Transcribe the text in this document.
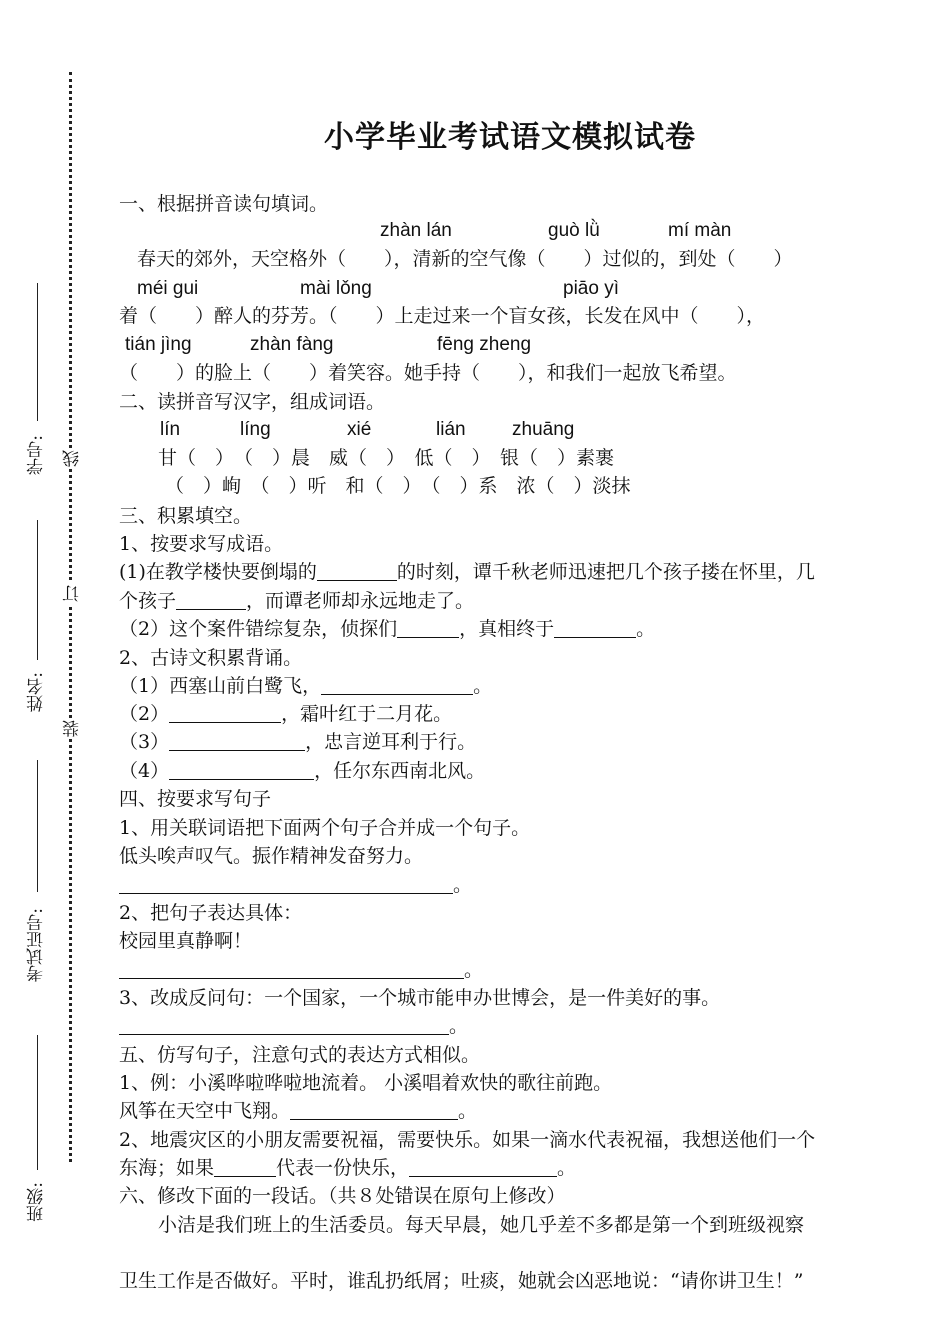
学号: 线
订
姓名:
装
考试证号:
班级:
小学毕业考试语文模拟试卷
一、根据拼音读句填词。
zhàn lán	guò lǜ	mí màn
春天的郊外，天空格外（　　），清新的空气像（　　）过似的，到处（　　）
méi gui	mài lǒng	piāo yì
着（　　）醉人的芬芳。（　　）上走过来一个盲女孩，长发在风中（　　），
tián jìng	zhàn fàng	fēng zheng
（　　）的脸上（　　）着笑容。她手持（　　），和我们一起放飞希望。
二、读拼音写汉字，组成词语。
lín	líng	xié	lián zhuāng
甘（　）　（　）晨　威（　）　低（　）　银（　）素裹
（　）峋　（　）听　和（　）　（　）系　浓（　）淡抹
三、积累填空。
1、按要求写成语。
(1)在教学楼快要倒塌的	的时刻，谭千秋老师迅速把几个孩子搂在怀里，几
个孩子	，而谭老师却永远地走了。
（2）这个案件错综复杂，侦探们	，真相终于	。
2、古诗文积累背诵。
（1）西塞山前白鹭飞，	。
（2）	，霜叶红于二月花。
（3）	，忠言逆耳利于行。
（4）	，任尔东西南北风。
四、按要求写句子
1、用关联词语把下面两个句子合并成一个句子。
低头唉声叹气。振作精神发奋努力。
。
2、把句子表达具体：
校园里真静啊！
。
3、改成反问句：一个国家，一个城市能申办世博会，是一件美好的事。
。
五、仿写句子，注意句式的表达方式相似。
1、例：小溪哗啦哗啦地流着。 小溪唱着欢快的歌往前跑。
风筝在天空中飞翔。	。
2、地震灾区的小朋友需要祝福，需要快乐。如果一滴水代表祝福，我想送他们一个
东海；如果	代表一份快乐，	。
六、修改下面的一段话。（共８处错误在原句上修改）
小洁是我们班上的生活委员。每天早晨，她几乎差不多都是第一个到班级视察
卫生工作是否做好。平时，谁乱扔纸屑；吐痰，她就会凶恶地说：“请你讲卫生！”
